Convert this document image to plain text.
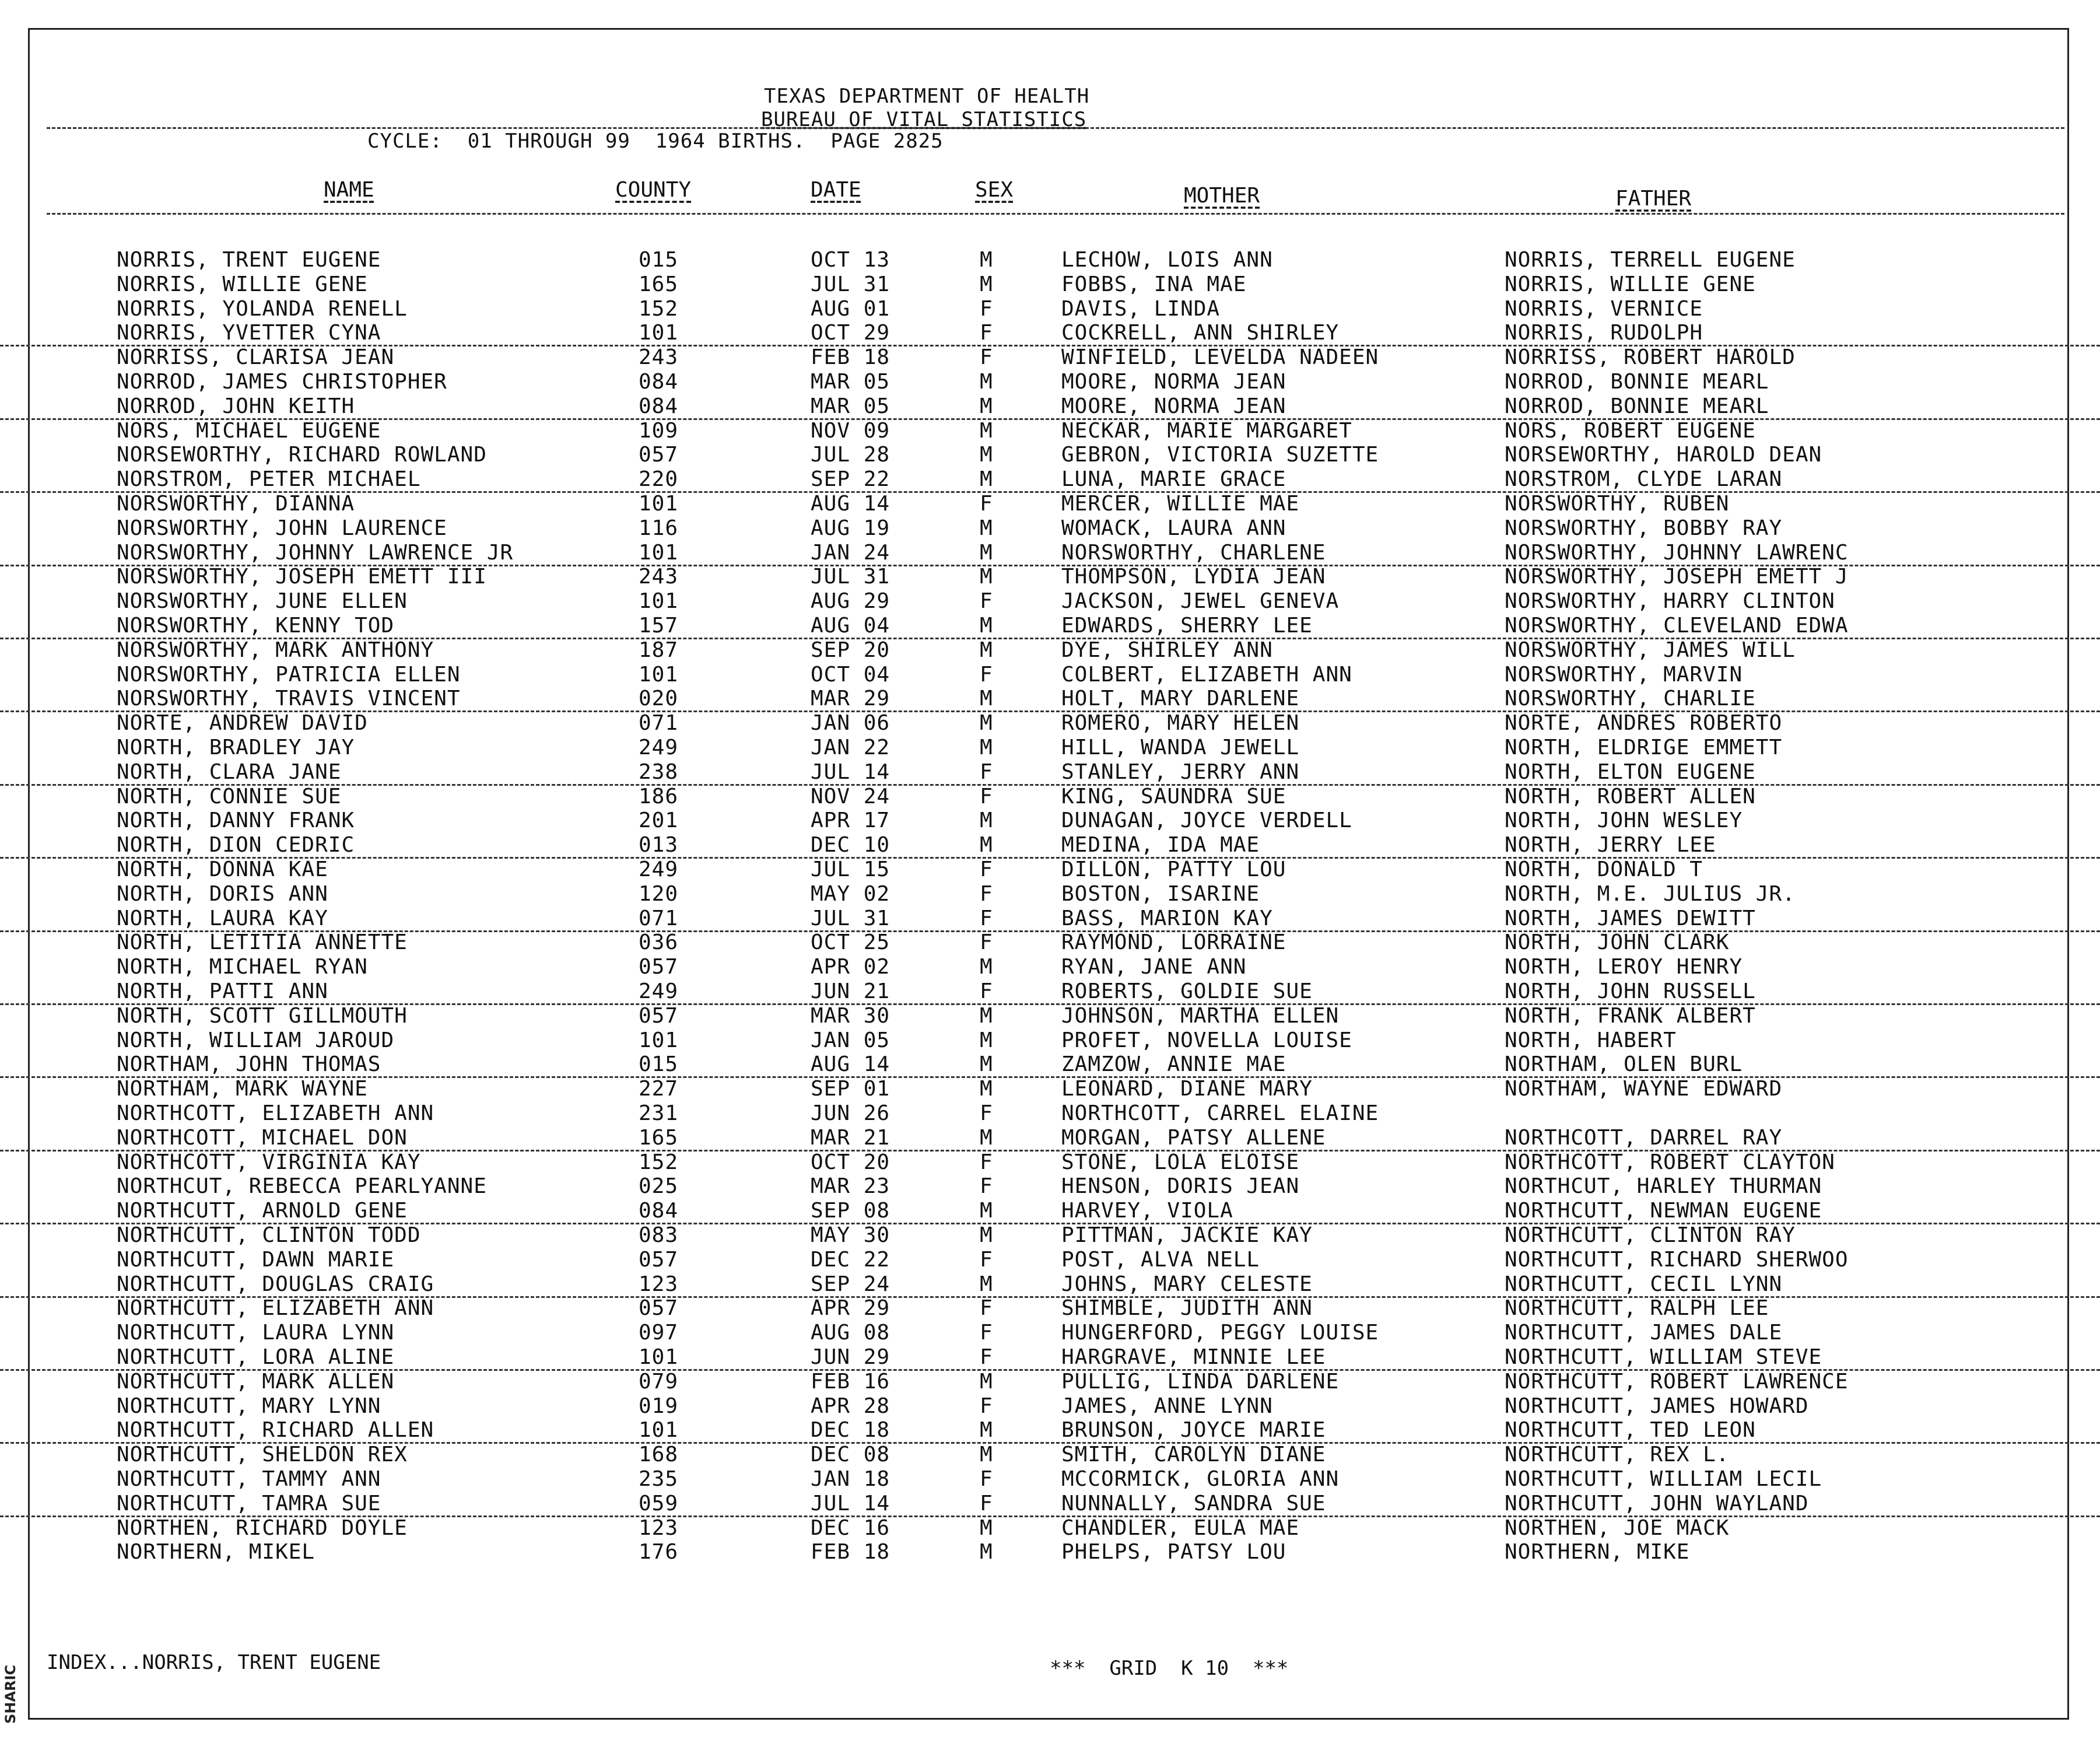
SHARIC
TEXAS DEPARTMENT OF HEALTH
BUREAU OF VITAL STATISTICS
CYCLE:  01 THROUGH 99  1964 BIRTHS.  PAGE 2825
NAME	COUNTY	DATE	SEX	MOTHER	FATHER
NORRIS, TRENT EUGENE	015	OCT 13	M	LECHOW, LOIS ANN	NORRIS, TERRELL EUGENE
NORRIS, WILLIE GENE	165	JUL 31	M	FOBBS, INA MAE	NORRIS, WILLIE GENE
NORRIS, YOLANDA RENELL	152	AUG 01	F	DAVIS, LINDA	NORRIS, VERNICE
NORRIS, YVETTER CYNA	101	OCT 29	F	COCKRELL, ANN SHIRLEY	NORRIS, RUDOLPH
NORRISS, CLARISA JEAN	243	FEB 18	F	WINFIELD, LEVELDA NADEEN	NORRISS, ROBERT HAROLD
NORROD, JAMES CHRISTOPHER	084	MAR 05	M	MOORE, NORMA JEAN	NORROD, BONNIE MEARL
NORROD, JOHN KEITH	084	MAR 05	M	MOORE, NORMA JEAN	NORROD, BONNIE MEARL
NORS, MICHAEL EUGENE	109	NOV 09	M	NECKAR, MARIE MARGARET	NORS, ROBERT EUGENE
NORSEWORTHY, RICHARD ROWLAND	057	JUL 28	M	GEBRON, VICTORIA SUZETTE	NORSEWORTHY, HAROLD DEAN
NORSTROM, PETER MICHAEL	220	SEP 22	M	LUNA, MARIE GRACE	NORSTROM, CLYDE LARAN
NORSWORTHY, DIANNA	101	AUG 14	F	MERCER, WILLIE MAE	NORSWORTHY, RUBEN
NORSWORTHY, JOHN LAURENCE	116	AUG 19	M	WOMACK, LAURA ANN	NORSWORTHY, BOBBY RAY
NORSWORTHY, JOHNNY LAWRENCE JR	101	JAN 24	M	NORSWORTHY, CHARLENE	NORSWORTHY, JOHNNY LAWRENC
NORSWORTHY, JOSEPH EMETT III	243	JUL 31	M	THOMPSON, LYDIA JEAN	NORSWORTHY, JOSEPH EMETT J
NORSWORTHY, JUNE ELLEN	101	AUG 29	F	JACKSON, JEWEL GENEVA	NORSWORTHY, HARRY CLINTON
NORSWORTHY, KENNY TOD	157	AUG 04	M	EDWARDS, SHERRY LEE	NORSWORTHY, CLEVELAND EDWA
NORSWORTHY, MARK ANTHONY	187	SEP 20	M	DYE, SHIRLEY ANN	NORSWORTHY, JAMES WILL
NORSWORTHY, PATRICIA ELLEN	101	OCT 04	F	COLBERT, ELIZABETH ANN	NORSWORTHY, MARVIN
NORSWORTHY, TRAVIS VINCENT	020	MAR 29	M	HOLT, MARY DARLENE	NORSWORTHY, CHARLIE
NORTE, ANDREW DAVID	071	JAN 06	M	ROMERO, MARY HELEN	NORTE, ANDRES ROBERTO
NORTH, BRADLEY JAY	249	JAN 22	M	HILL, WANDA JEWELL	NORTH, ELDRIGE EMMETT
NORTH, CLARA JANE	238	JUL 14	F	STANLEY, JERRY ANN	NORTH, ELTON EUGENE
NORTH, CONNIE SUE	186	NOV 24	F	KING, SAUNDRA SUE	NORTH, ROBERT ALLEN
NORTH, DANNY FRANK	201	APR 17	M	DUNAGAN, JOYCE VERDELL	NORTH, JOHN WESLEY
NORTH, DION CEDRIC	013	DEC 10	M	MEDINA, IDA MAE	NORTH, JERRY LEE
NORTH, DONNA KAE	249	JUL 15	F	DILLON, PATTY LOU	NORTH, DONALD T
NORTH, DORIS ANN	120	MAY 02	F	BOSTON, ISARINE	NORTH, M.E. JULIUS JR.
NORTH, LAURA KAY	071	JUL 31	F	BASS, MARION KAY	NORTH, JAMES DEWITT
NORTH, LETITIA ANNETTE	036	OCT 25	F	RAYMOND, LORRAINE	NORTH, JOHN CLARK
NORTH, MICHAEL RYAN	057	APR 02	M	RYAN, JANE ANN	NORTH, LEROY HENRY
NORTH, PATTI ANN	249	JUN 21	F	ROBERTS, GOLDIE SUE	NORTH, JOHN RUSSELL
NORTH, SCOTT GILLMOUTH	057	MAR 30	M	JOHNSON, MARTHA ELLEN	NORTH, FRANK ALBERT
NORTH, WILLIAM JAROUD	101	JAN 05	M	PROFET, NOVELLA LOUISE	NORTH, HABERT
NORTHAM, JOHN THOMAS	015	AUG 14	M	ZAMZOW, ANNIE MAE	NORTHAM, OLEN BURL
NORTHAM, MARK WAYNE	227	SEP 01	M	LEONARD, DIANE MARY	NORTHAM, WAYNE EDWARD
NORTHCOTT, ELIZABETH ANN	231	JUN 26	F	NORTHCOTT, CARREL ELAINE
NORTHCOTT, MICHAEL DON	165	MAR 21	M	MORGAN, PATSY ALLENE	NORTHCOTT, DARREL RAY
NORTHCOTT, VIRGINIA KAY	152	OCT 20	F	STONE, LOLA ELOISE	NORTHCOTT, ROBERT CLAYTON
NORTHCUT, REBECCA PEARLYANNE	025	MAR 23	F	HENSON, DORIS JEAN	NORTHCUT, HARLEY THURMAN
NORTHCUTT, ARNOLD GENE	084	SEP 08	M	HARVEY, VIOLA	NORTHCUTT, NEWMAN EUGENE
NORTHCUTT, CLINTON TODD	083	MAY 30	M	PITTMAN, JACKIE KAY	NORTHCUTT, CLINTON RAY
NORTHCUTT, DAWN MARIE	057	DEC 22	F	POST, ALVA NELL	NORTHCUTT, RICHARD SHERWOO
NORTHCUTT, DOUGLAS CRAIG	123	SEP 24	M	JOHNS, MARY CELESTE	NORTHCUTT, CECIL LYNN
NORTHCUTT, ELIZABETH ANN	057	APR 29	F	SHIMBLE, JUDITH ANN	NORTHCUTT, RALPH LEE
NORTHCUTT, LAURA LYNN	097	AUG 08	F	HUNGERFORD, PEGGY LOUISE	NORTHCUTT, JAMES DALE
NORTHCUTT, LORA ALINE	101	JUN 29	F	HARGRAVE, MINNIE LEE	NORTHCUTT, WILLIAM STEVE
NORTHCUTT, MARK ALLEN	079	FEB 16	M	PULLIG, LINDA DARLENE	NORTHCUTT, ROBERT LAWRENCE
NORTHCUTT, MARY LYNN	019	APR 28	F	JAMES, ANNE LYNN	NORTHCUTT, JAMES HOWARD
NORTHCUTT, RICHARD ALLEN	101	DEC 18	M	BRUNSON, JOYCE MARIE	NORTHCUTT, TED LEON
NORTHCUTT, SHELDON REX	168	DEC 08	M	SMITH, CAROLYN DIANE	NORTHCUTT, REX L.
NORTHCUTT, TAMMY ANN	235	JAN 18	F	MCCORMICK, GLORIA ANN	NORTHCUTT, WILLIAM LECIL
NORTHCUTT, TAMRA SUE	059	JUL 14	F	NUNNALLY, SANDRA SUE	NORTHCUTT, JOHN WAYLAND
NORTHEN, RICHARD DOYLE	123	DEC 16	M	CHANDLER, EULA MAE	NORTHEN, JOE MACK
NORTHERN, MIKEL	176	FEB 18	M	PHELPS, PATSY LOU	NORTHERN, MIKE
INDEX...NORRIS, TRENT EUGENE	***  GRID  K 10  ***
